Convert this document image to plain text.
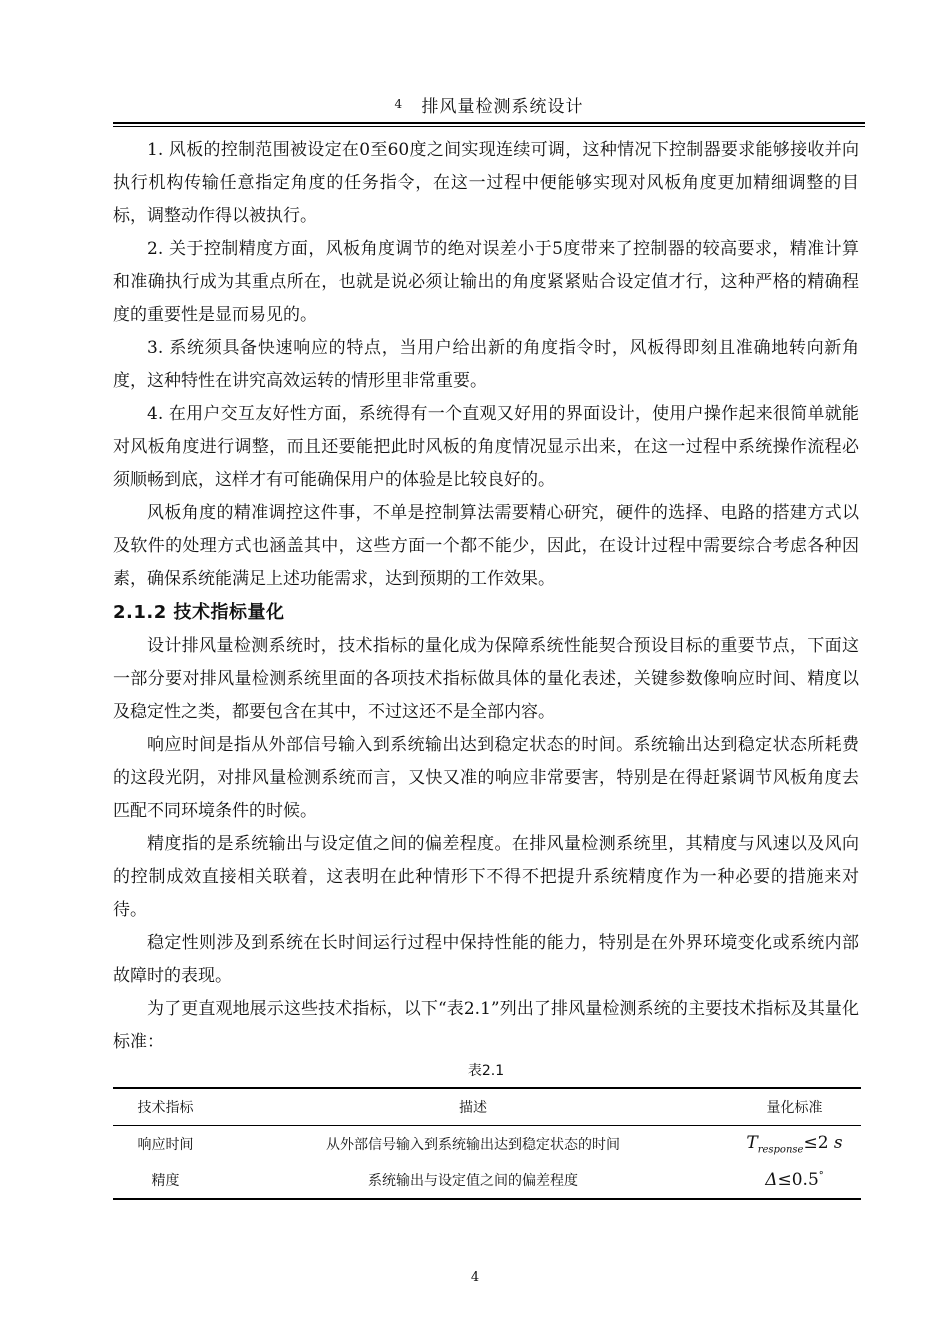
$^4$ 排风量检测系统设计

1. 风板的控制范围被设定在0至60度之间实现连续可调，这种情况下控制器要求能够接收并向执行机构传输任意指定角度的任务指令，在这一过程中便能够实现对风板角度更加精细调整的目标，调整动作得以被执行。

2. 关于控制精度方面，风板角度调节的绝对误差小于5度带来了控制器的较高要求，精准计算和准确执行成为其重点所在，也就是说必须让输出的角度紧紧贴合设定值才行，这种严格的精确程度的重要性是显而易见的。

3. 系统须具备快速响应的特点，当用户给出新的角度指令时，风板得即刻且准确地转向新角度，这种特性在讲究高效运转的情形里非常重要。

4. 在用户交互友好性方面，系统得有一个直观又好用的界面设计，使用户操作起来很简单就能对风板角度进行调整，而且还要能把此时风板的角度情况显示出来，在这一过程中系统操作流程必须顺畅到底，这样才有可能确保用户的体验是比较良好的。

风板角度的精准调控这件事，不单是控制算法需要精心研究，硬件的选择、电路的搭建方式以及软件的处理方式也涵盖其中，这些方面一个都不能少，因此，在设计过程中需要综合考虑各种因素，确保系统能满足上述功能需求，达到预期的工作效果。

2.1.2 技术指标量化

设计排风量检测系统时，技术指标的量化成为保障系统性能契合预设目标的重要节点，下面这一部分要对排风量检测系统里面的各项技术指标做具体的量化表述，关键参数像响应时间、精度以及稳定性之类，都要包含在其中，不过这还不是全部内容。

响应时间是指从外部信号输入到系统输出达到稳定状态的时间。系统输出达到稳定状态所耗费的这段光阴，对排风量检测系统而言，又快又准的响应非常要害，特别是在得赶紧调节风板角度去匹配不同环境条件的时候。

精度指的是系统输出与设定值之间的偏差程度。在排风量检测系统里，其精度与风速以及风向的控制成效直接相关联着，这表明在此种情形下不得不把提升系统精度作为一种必要的措施来对待。

稳定性则涉及到系统在长时间运行过程中保持性能的能力，特别是在外界环境变化或系统内部故障时的表现。

为了更直观地展示这些技术指标，以下“表2.1”列出了排风量检测系统的主要技术指标及其量化标准：

表2.1
技术指标	描述	量化标准
响应时间	从外部信号输入到系统输出达到稳定状态的时间	$T_{response}\le 2$ s
精度	系统输出与设定值之间的偏差程度	Δ≤0.5°
4
